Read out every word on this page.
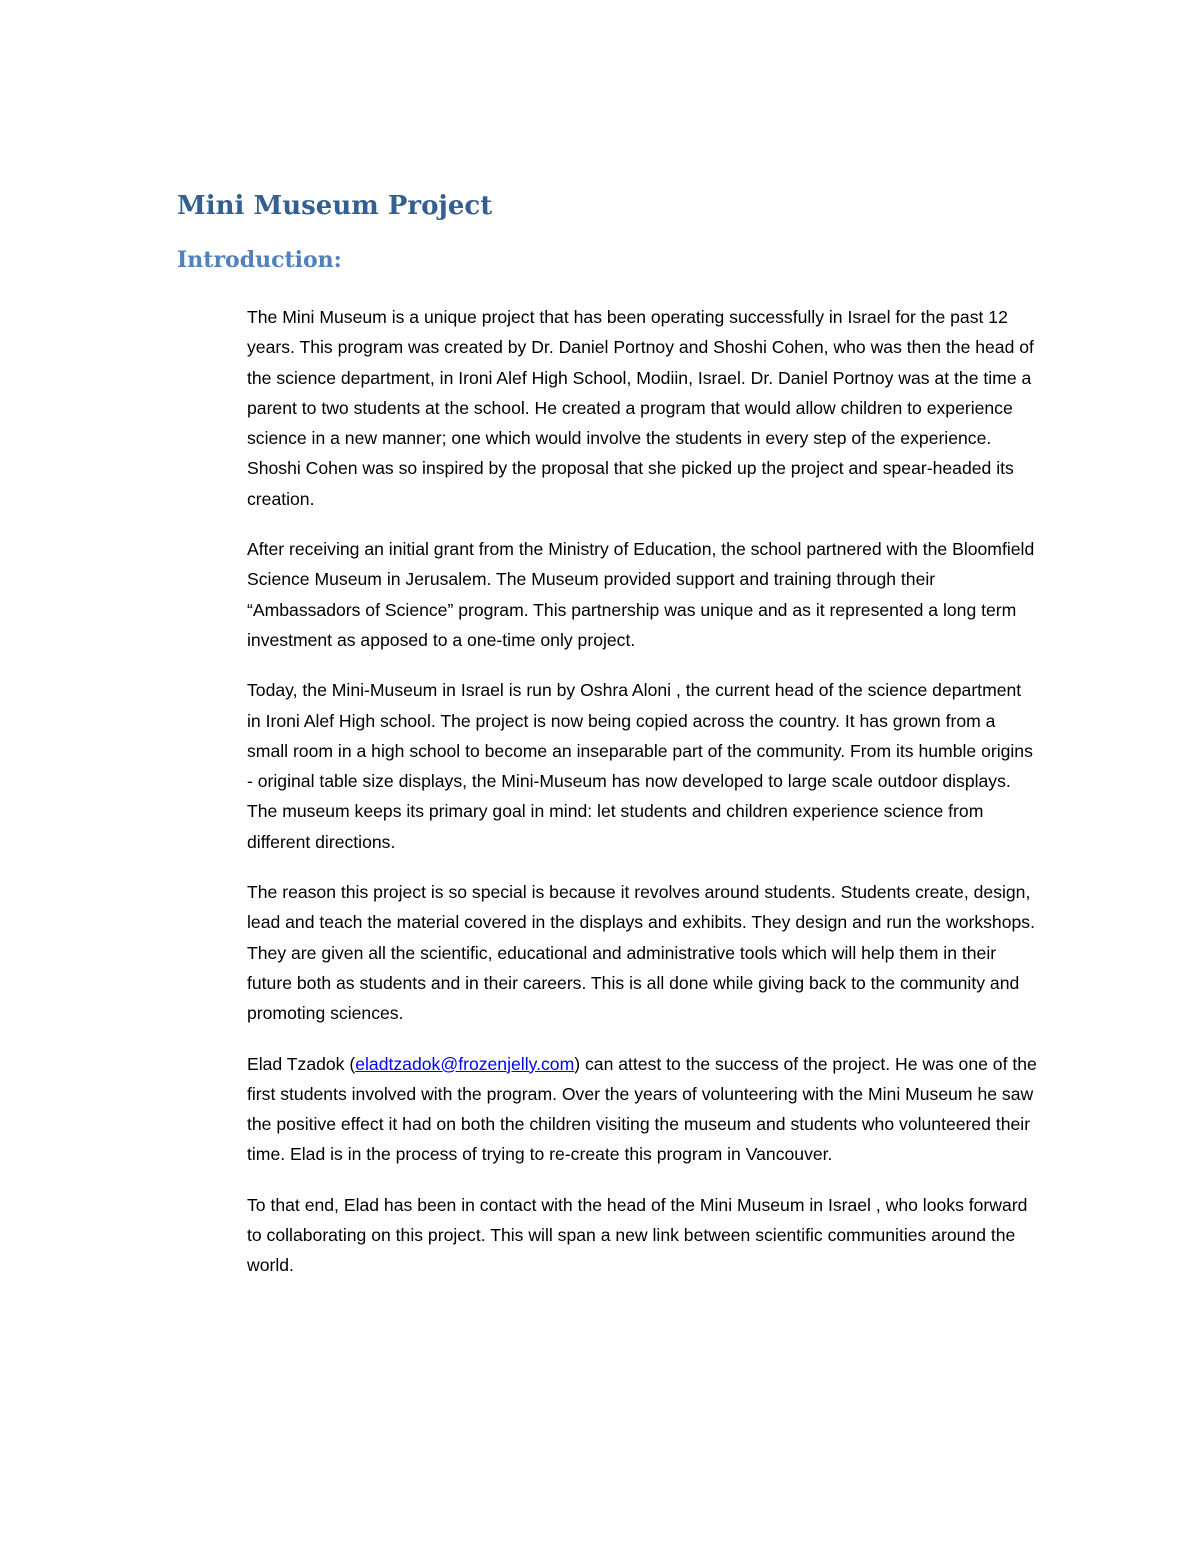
Mini Museum Project
Introduction:

The Mini Museum is a unique project that has been operating successfully in Israel for the past 12 years. This program was created by Dr. Daniel Portnoy and Shoshi Cohen, who was then the head of the science department, in Ironi Alef High School, Modiin, Israel. Dr. Daniel Portnoy was at the time a parent to two students at the school. He created a program that would allow children to experience science in a new manner; one which would involve the students in every step of the experience. Shoshi Cohen was so inspired by the proposal that she picked up the project and spear-headed its creation.

After receiving an initial grant from the Ministry of Education, the school partnered with the Bloomfield Science Museum in Jerusalem. The Museum provided support and training through their “Ambassadors of Science” program. This partnership was unique and as it represented a long term investment as apposed to a one-time only project.

Today, the Mini-Museum in Israel is run by Oshra Aloni , the current head of the science department in Ironi Alef High school. The project is now being copied across the country. It has grown from a small room in a high school to become an inseparable part of the community. From its humble origins - original table size displays, the Mini-Museum has now developed to large scale outdoor displays. The museum keeps its primary goal in mind: let students and children experience science from different directions.

The reason this project is so special is because it revolves around students. Students create, design, lead and teach the material covered in the displays and exhibits. They design and run the workshops. They are given all the scientific, educational and administrative tools which will help them in their future both as students and in their careers. This is all done while giving back to the community and promoting sciences.

Elad Tzadok (eladtzadok@frozenjelly.com) can attest to the success of the project. He was one of the first students involved with the program. Over the years of volunteering with the Mini Museum he saw the positive effect it had on both the children visiting the museum and students who volunteered their time. Elad is in the process of trying to re-create this program in Vancouver.

To that end, Elad has been in contact with the head of the Mini Museum in Israel , who looks forward to collaborating on this project. This will span a new link between scientific communities around the world.
